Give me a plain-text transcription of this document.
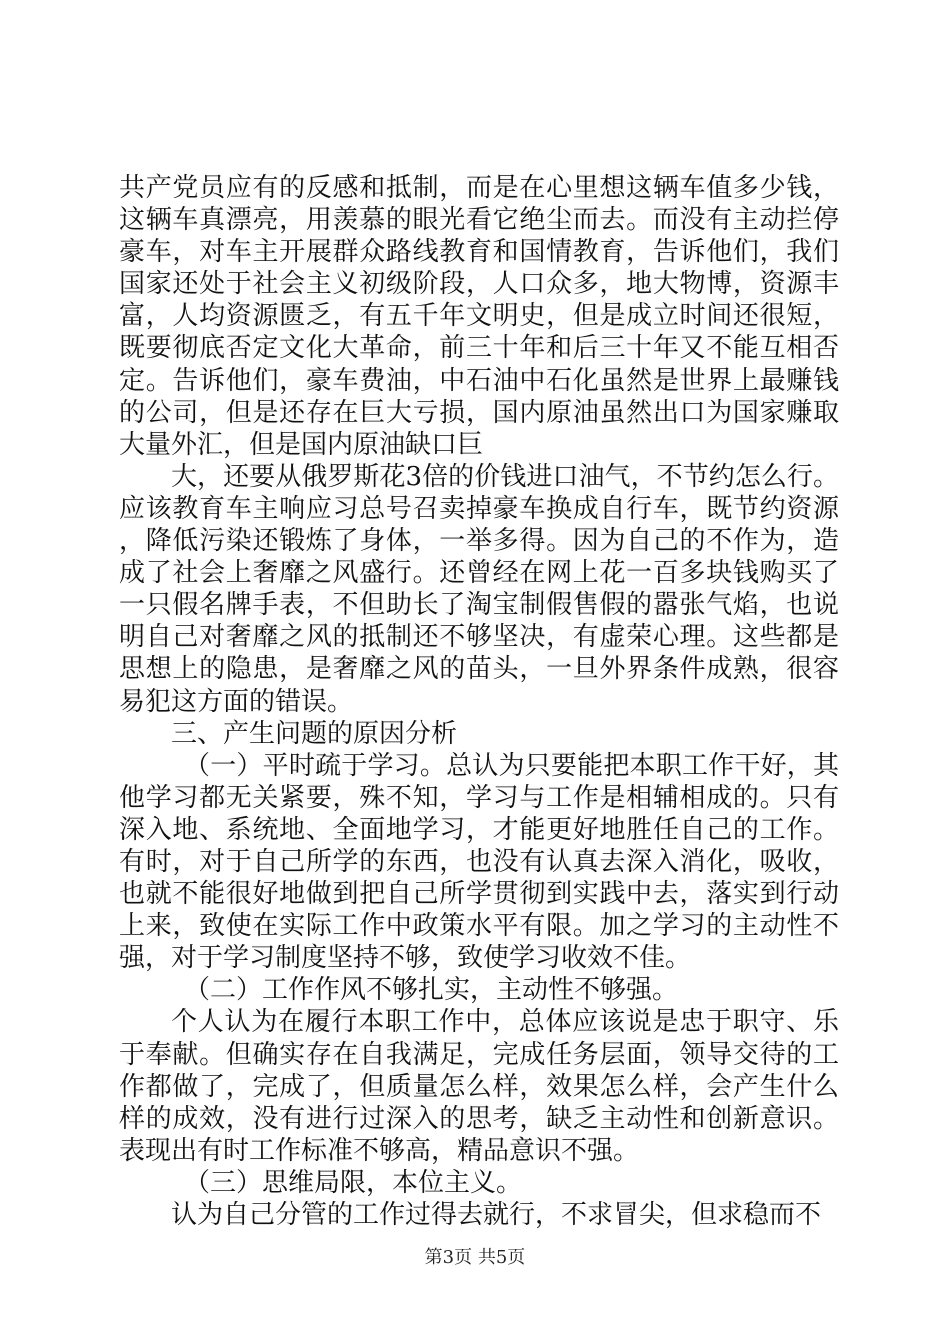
共产党员应有的反感和抵制，而是在心里想这辆车值多少钱，这辆车真漂亮，用羡慕的眼光看它绝尘而去。而没有主动拦停豪车，对车主开展群众路线教育和国情教育，告诉他们，我们国家还处于社会主义初级阶段，人口众多，地大物博，资源丰富，人均资源匮乏，有五千年文明史，但是成立时间还很短，既要彻底否定文化大革命，前三十年和后三十年又不能互相否定。告诉他们，豪车费油，中石油中石化虽然是世界上最赚钱的公司，但是还存在巨大亏损，国内原油虽然出口为国家赚取大量外汇，但是国内原油缺口巨

大，还要从俄罗斯花3倍的价钱进口油气，不节约怎么行。应该教育车主响应习总号召卖掉豪车换成自行车，既节约资源，降低污染还锻炼了身体，一举多得。因为自己的不作为，造成了社会上奢靡之风盛行。还曾经在网上花一百多块钱购买了一只假名牌手表，不但助长了淘宝制假售假的嚣张气焰，也说明自己对奢靡之风的抵制还不够坚决，有虚荣心理。这些都是思想上的隐患，是奢靡之风的苗头，一旦外界条件成熟，很容易犯这方面的错误。

三、产生问题的原因分析

（一）平时疏于学习。总认为只要能把本职工作干好，其他学习都无关紧要，殊不知，学习与工作是相辅相成的。只有深入地、系统地、全面地学习，才能更好地胜任自己的工作。有时，对于自己所学的东西，也没有认真去深入消化，吸收，也就不能很好地做到把自己所学贯彻到实践中去，落实到行动上来，致使在实际工作中政策水平有限。加之学习的主动性不强，对于学习制度坚持不够，致使学习收效不佳。

（二）工作作风不够扎实，主动性不够强。

个人认为在履行本职工作中，总体应该说是忠于职守、乐于奉献。但确实存在自我满足，完成任务层面，领导交待的工作都做了，完成了，但质量怎么样，效果怎么样，会产生什么样的成效，没有进行过深入的思考，缺乏主动性和创新意识。表现出有时工作标准不够高，精品意识不强。

（三）思维局限，本位主义。

认为自己分管的工作过得去就行，不求冒尖，但求稳而不

第3页 共5页
